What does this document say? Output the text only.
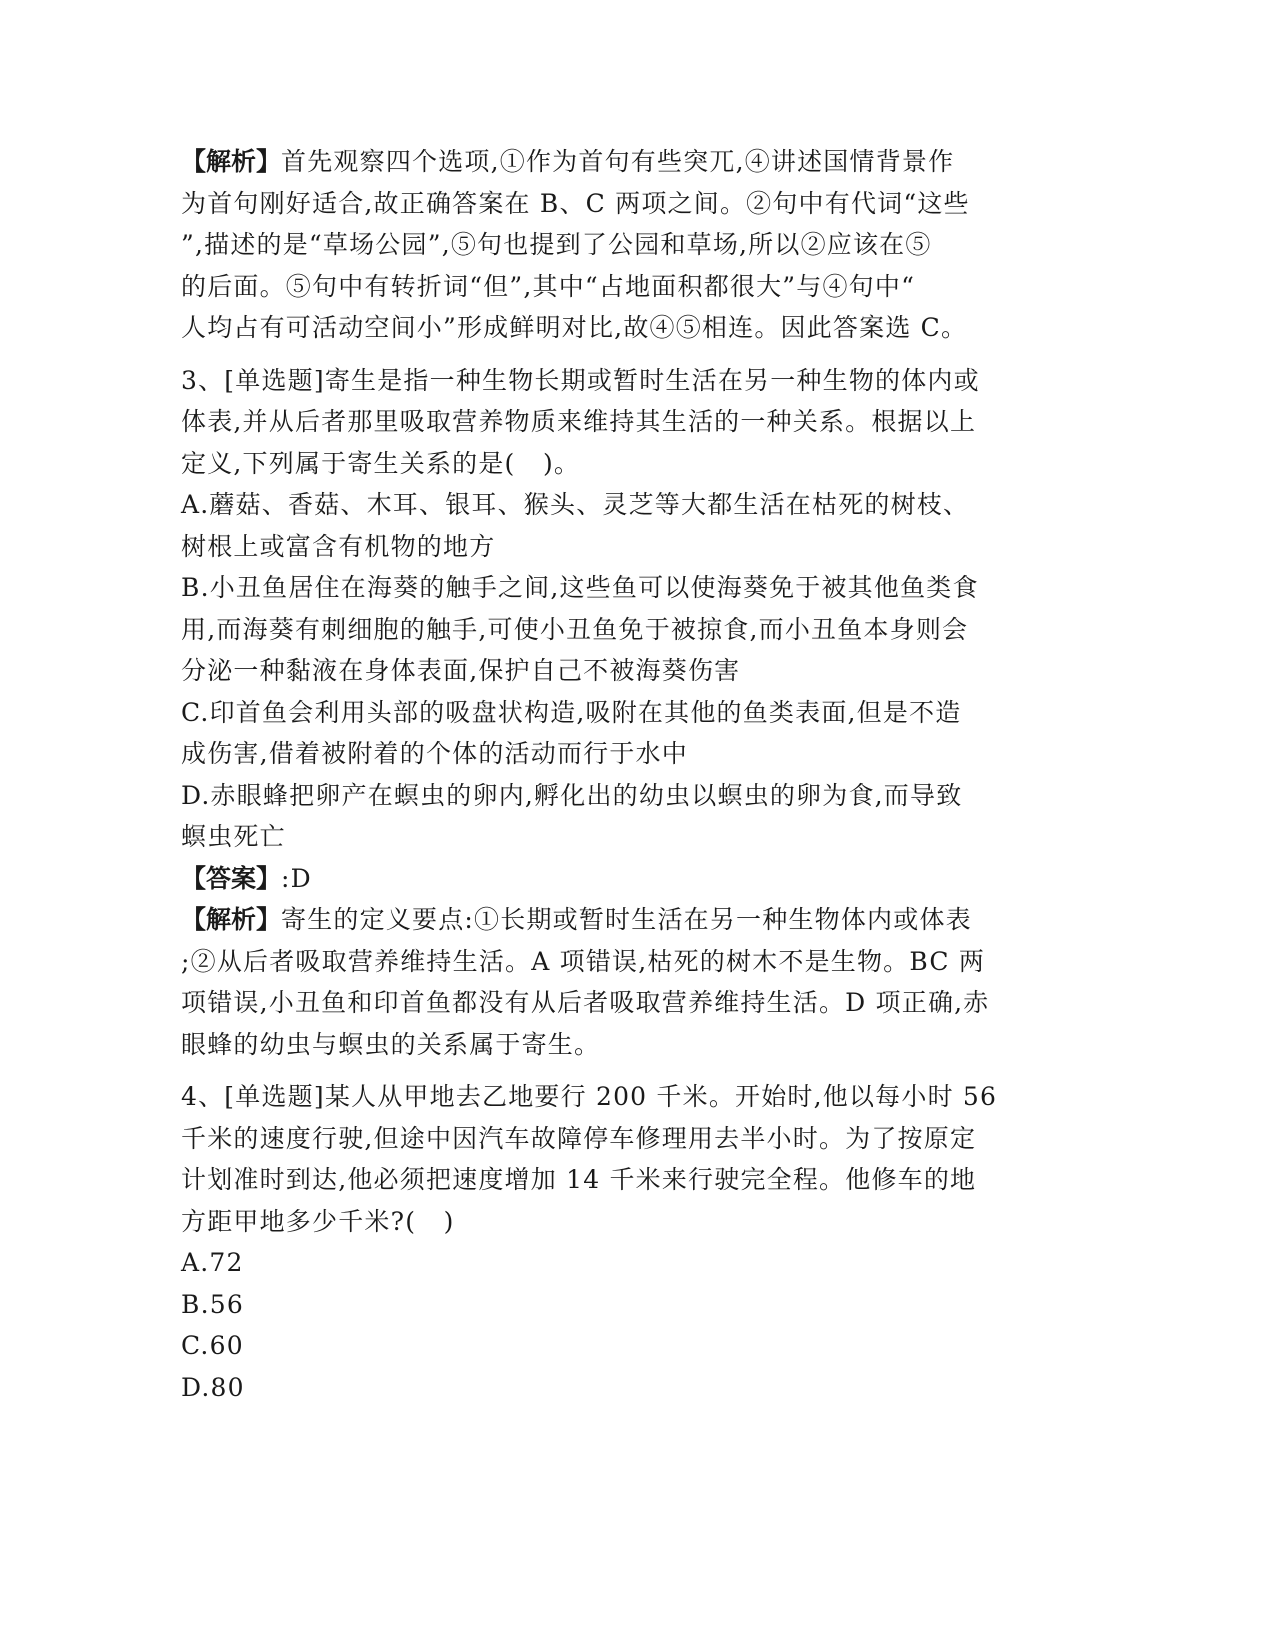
【解析】首先观察四个选项,①作为首句有些突兀,④讲述国情背景作

为首句刚好适合,故正确答案在 B、C 两项之间。②句中有代词“这些

”,描述的是“草场公园”,⑤句也提到了公园和草场,所以②应该在⑤

的后面。⑤句中有转折词“但”,其中“占地面积都很大”与④句中“

人均占有可活动空间小”形成鲜明对比,故④⑤相连。因此答案选 C。

3、[单选题]寄生是指一种生物长期或暂时生活在另一种生物的体内或

体表,并从后者那里吸取营养物质来维持其生活的一种关系。根据以上

定义,下列属于寄生关系的是(   )。

A.蘑菇、香菇、木耳、银耳、猴头、灵芝等大都生活在枯死的树枝、

树根上或富含有机物的地方

B.小丑鱼居住在海葵的触手之间,这些鱼可以使海葵免于被其他鱼类食

用,而海葵有刺细胞的触手,可使小丑鱼免于被掠食,而小丑鱼本身则会

分泌一种黏液在身体表面,保护自己不被海葵伤害

C.印首鱼会利用头部的吸盘状构造,吸附在其他的鱼类表面,但是不造

成伤害,借着被附着的个体的活动而行于水中

D.赤眼蜂把卵产在螟虫的卵内,孵化出的幼虫以螟虫的卵为食,而导致

螟虫死亡

【答案】:D

【解析】寄生的定义要点:①长期或暂时生活在另一种生物体内或体表

;②从后者吸取营养维持生活。A 项错误,枯死的树木不是生物。BC 两

项错误,小丑鱼和印首鱼都没有从后者吸取营养维持生活。D 项正确,赤

眼蜂的幼虫与螟虫的关系属于寄生。

4、[单选题]某人从甲地去乙地要行 200 千米。开始时,他以每小时 56

千米的速度行驶,但途中因汽车故障停车修理用去半小时。为了按原定

计划准时到达,他必须把速度增加 14 千米来行驶完全程。他修车的地

方距甲地多少千米?(   )

A.72

B.56

C.60

D.80
